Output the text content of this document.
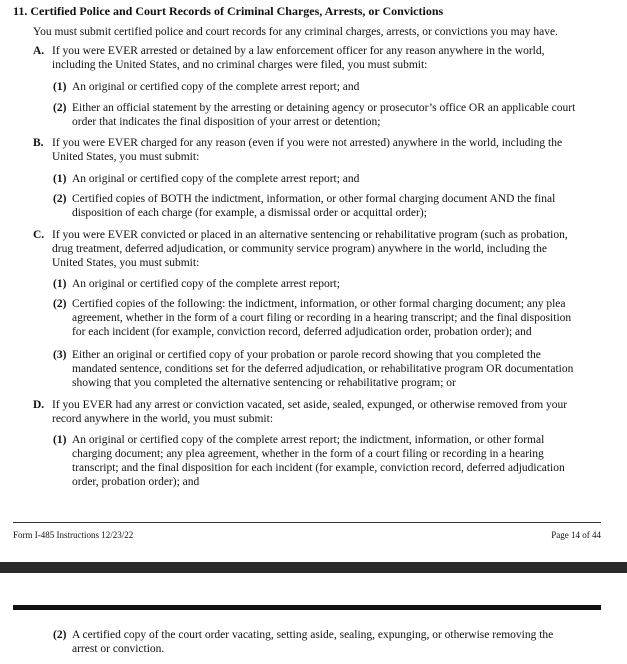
11. Certified Police and Court Records of Criminal Charges, Arrests, or Convictions
You must submit certified police and court records for any criminal charges, arrests, or convictions you may have.
A. If you were EVER arrested or detained by a law enforcement officer for any reason anywhere in the world,
including the United States, and no criminal charges were filed, you must submit:
(1) An original or certified copy of the complete arrest report; and
(2) Either an official statement by the arresting or detaining agency or prosecutor’s office OR an applicable court
order that indicates the final disposition of your arrest or detention;
B. If you were EVER charged for any reason (even if you were not arrested) anywhere in the world, including the
United States, you must submit:
(1) An original or certified copy of the complete arrest report; and
(2) Certified copies of BOTH the indictment, information, or other formal charging document AND the final
disposition of each charge (for example, a dismissal order or acquittal order);
C. If you were EVER convicted or placed in an alternative sentencing or rehabilitative program (such as probation,
drug treatment, deferred adjudication, or community service program) anywhere in the world, including the
United States, you must submit:
(1) An original or certified copy of the complete arrest report;
(2) Certified copies of the following: the indictment, information, or other formal charging document; any plea
agreement, whether in the form of a court filing or recording in a hearing transcript; and the final disposition
for each incident (for example, conviction record, deferred adjudication order, probation order); and
(3) Either an original or certified copy of your probation or parole record showing that you completed the
mandated sentence, conditions set for the deferred adjudication, or rehabilitative program OR documentation
showing that you completed the alternative sentencing or rehabilitative program; or
D. If you EVER had any arrest or conviction vacated, set aside, sealed, expunged, or otherwise removed from your
record anywhere in the world, you must submit:
(1) An original or certified copy of the complete arrest report; the indictment, information, or other formal
charging document; any plea agreement, whether in the form of a court filing or recording in a hearing
transcript; and the final disposition for each incident (for example, conviction record, deferred adjudication
order, probation order); and
Form I-485 Instructions 12/23/22	Page 14 of 44
(2) A certified copy of the court order vacating, setting aside, sealing, expunging, or otherwise removing the
arrest or conviction.
